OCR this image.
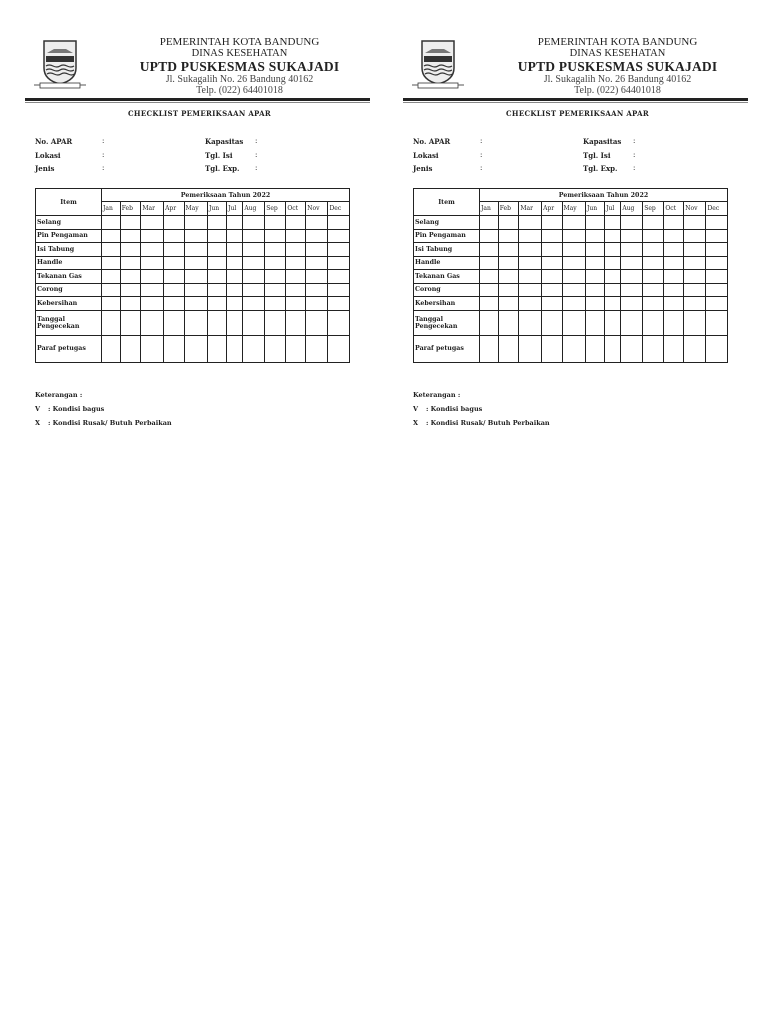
PEMERINTAH KOTA BANDUNG
DINAS KESEHATAN
UPTD PUSKESMAS SUKAJADI
Jl. Sukagalih No. 26 Bandung 40162
Telp. (022) 64401018
CHECKLIST PEMERIKSAAN APAR
No. APAR	:
Lokasi	:
Jenis	:
Kapasitas :
Tgl. Isi	:
Tgl. Exp. :
Item	Pemeriksaan Tahun 2022											
	Jan	Feb	Mar	Apr	May	Jun	Jul	Aug	Sep	Oct	Nov	Dec
Selang												
Pin Pengaman												
Isi Tabung												
Handle												
Tekanan Gas												
Corong												
Kebersihan												
Tanggal Pengecekan												
Paraf petugas												
Keterangan :
V : Kondisi bagus
X : Kondisi Rusak/ Butuh Perbaikan
PEMERINTAH KOTA BANDUNG
DINAS KESEHATAN
UPTD PUSKESMAS SUKAJADI
Jl. Sukagalih No. 26 Bandung 40162
Telp. (022) 64401018
CHECKLIST PEMERIKSAAN APAR
No. APAR	:
Lokasi	:
Jenis	:
Kapasitas :
Tgl. Isi	:
Tgl. Exp. :
Item	Pemeriksaan Tahun 2022											
	Jan	Feb	Mar	Apr	May	Jun	Jul	Aug	Sep	Oct	Nov	Dec
Selang												
Pin Pengaman												
Isi Tabung												
Handle												
Tekanan Gas												
Corong												
Kebersihan												
Tanggal Pengecekan												
Paraf petugas												
Keterangan :
V : Kondisi bagus
X : Kondisi Rusak/ Butuh Perbaikan
